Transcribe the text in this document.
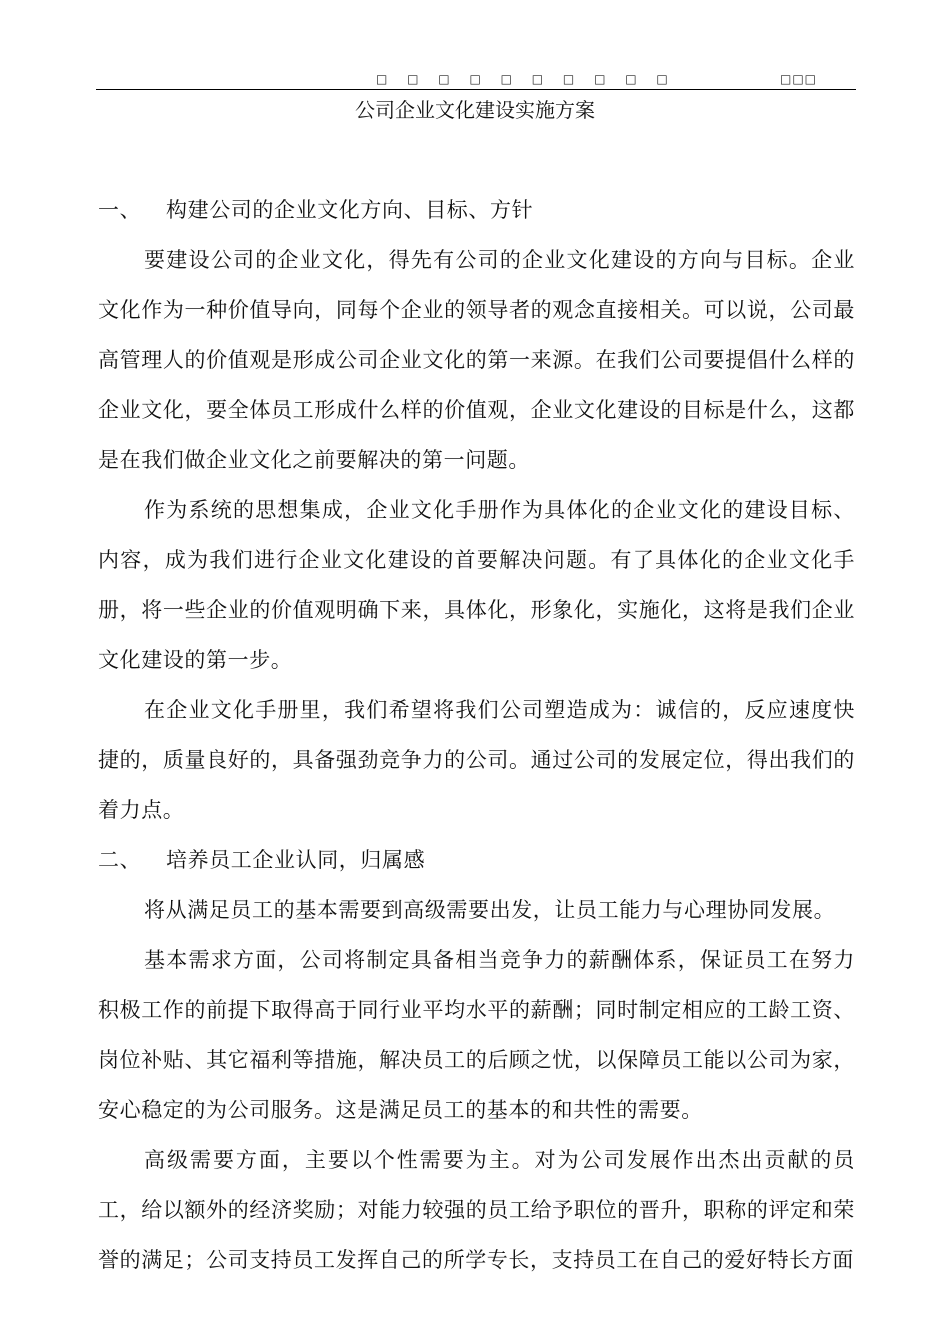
□ □ □ □ □ □ □ □ □ □	□□□
公司企业文化建设实施方案

一、 构建公司的企业文化方向、目标、方针

要建设公司的企业文化，得先有公司的企业文化建设的方向与目标。企业文化作为一种价值导向，同每个企业的领导者的观念直接相关。可以说，公司最高管理人的价值观是形成公司企业文化的第一来源。在我们公司要提倡什么样的企业文化，要全体员工形成什么样的价值观，企业文化建设的目标是什么，这都是在我们做企业文化之前要解决的第一问题。

作为系统的思想集成，企业文化手册作为具体化的企业文化的建设目标、内容，成为我们进行企业文化建设的首要解决问题。有了具体化的企业文化手册，将一些企业的价值观明确下来，具体化，形象化，实施化，这将是我们企业文化建设的第一步。

在企业文化手册里，我们希望将我们公司塑造成为：诚信的，反应速度快捷的，质量良好的，具备强劲竞争力的公司。通过公司的发展定位，得出我们的着力点。

二、 培养员工企业认同，归属感

将从满足员工的基本需要到高级需要出发，让员工能力与心理协同发展。

基本需求方面，公司将制定具备相当竞争力的薪酬体系，保证员工在努力积极工作的前提下取得高于同行业平均水平的薪酬；同时制定相应的工龄工资、岗位补贴、其它福利等措施，解决员工的后顾之忧，以保障员工能以公司为家，安心稳定的为公司服务。这是满足员工的基本的和共性的需要。

高级需要方面，主要以个性需要为主。对为公司发展作出杰出贡献的员工，给以额外的经济奖励；对能力较强的员工给予职位的晋升，职称的评定和荣誉的满足；公司支持员工发挥自己的所学专长，支持员工在自己的爱好特长方面
